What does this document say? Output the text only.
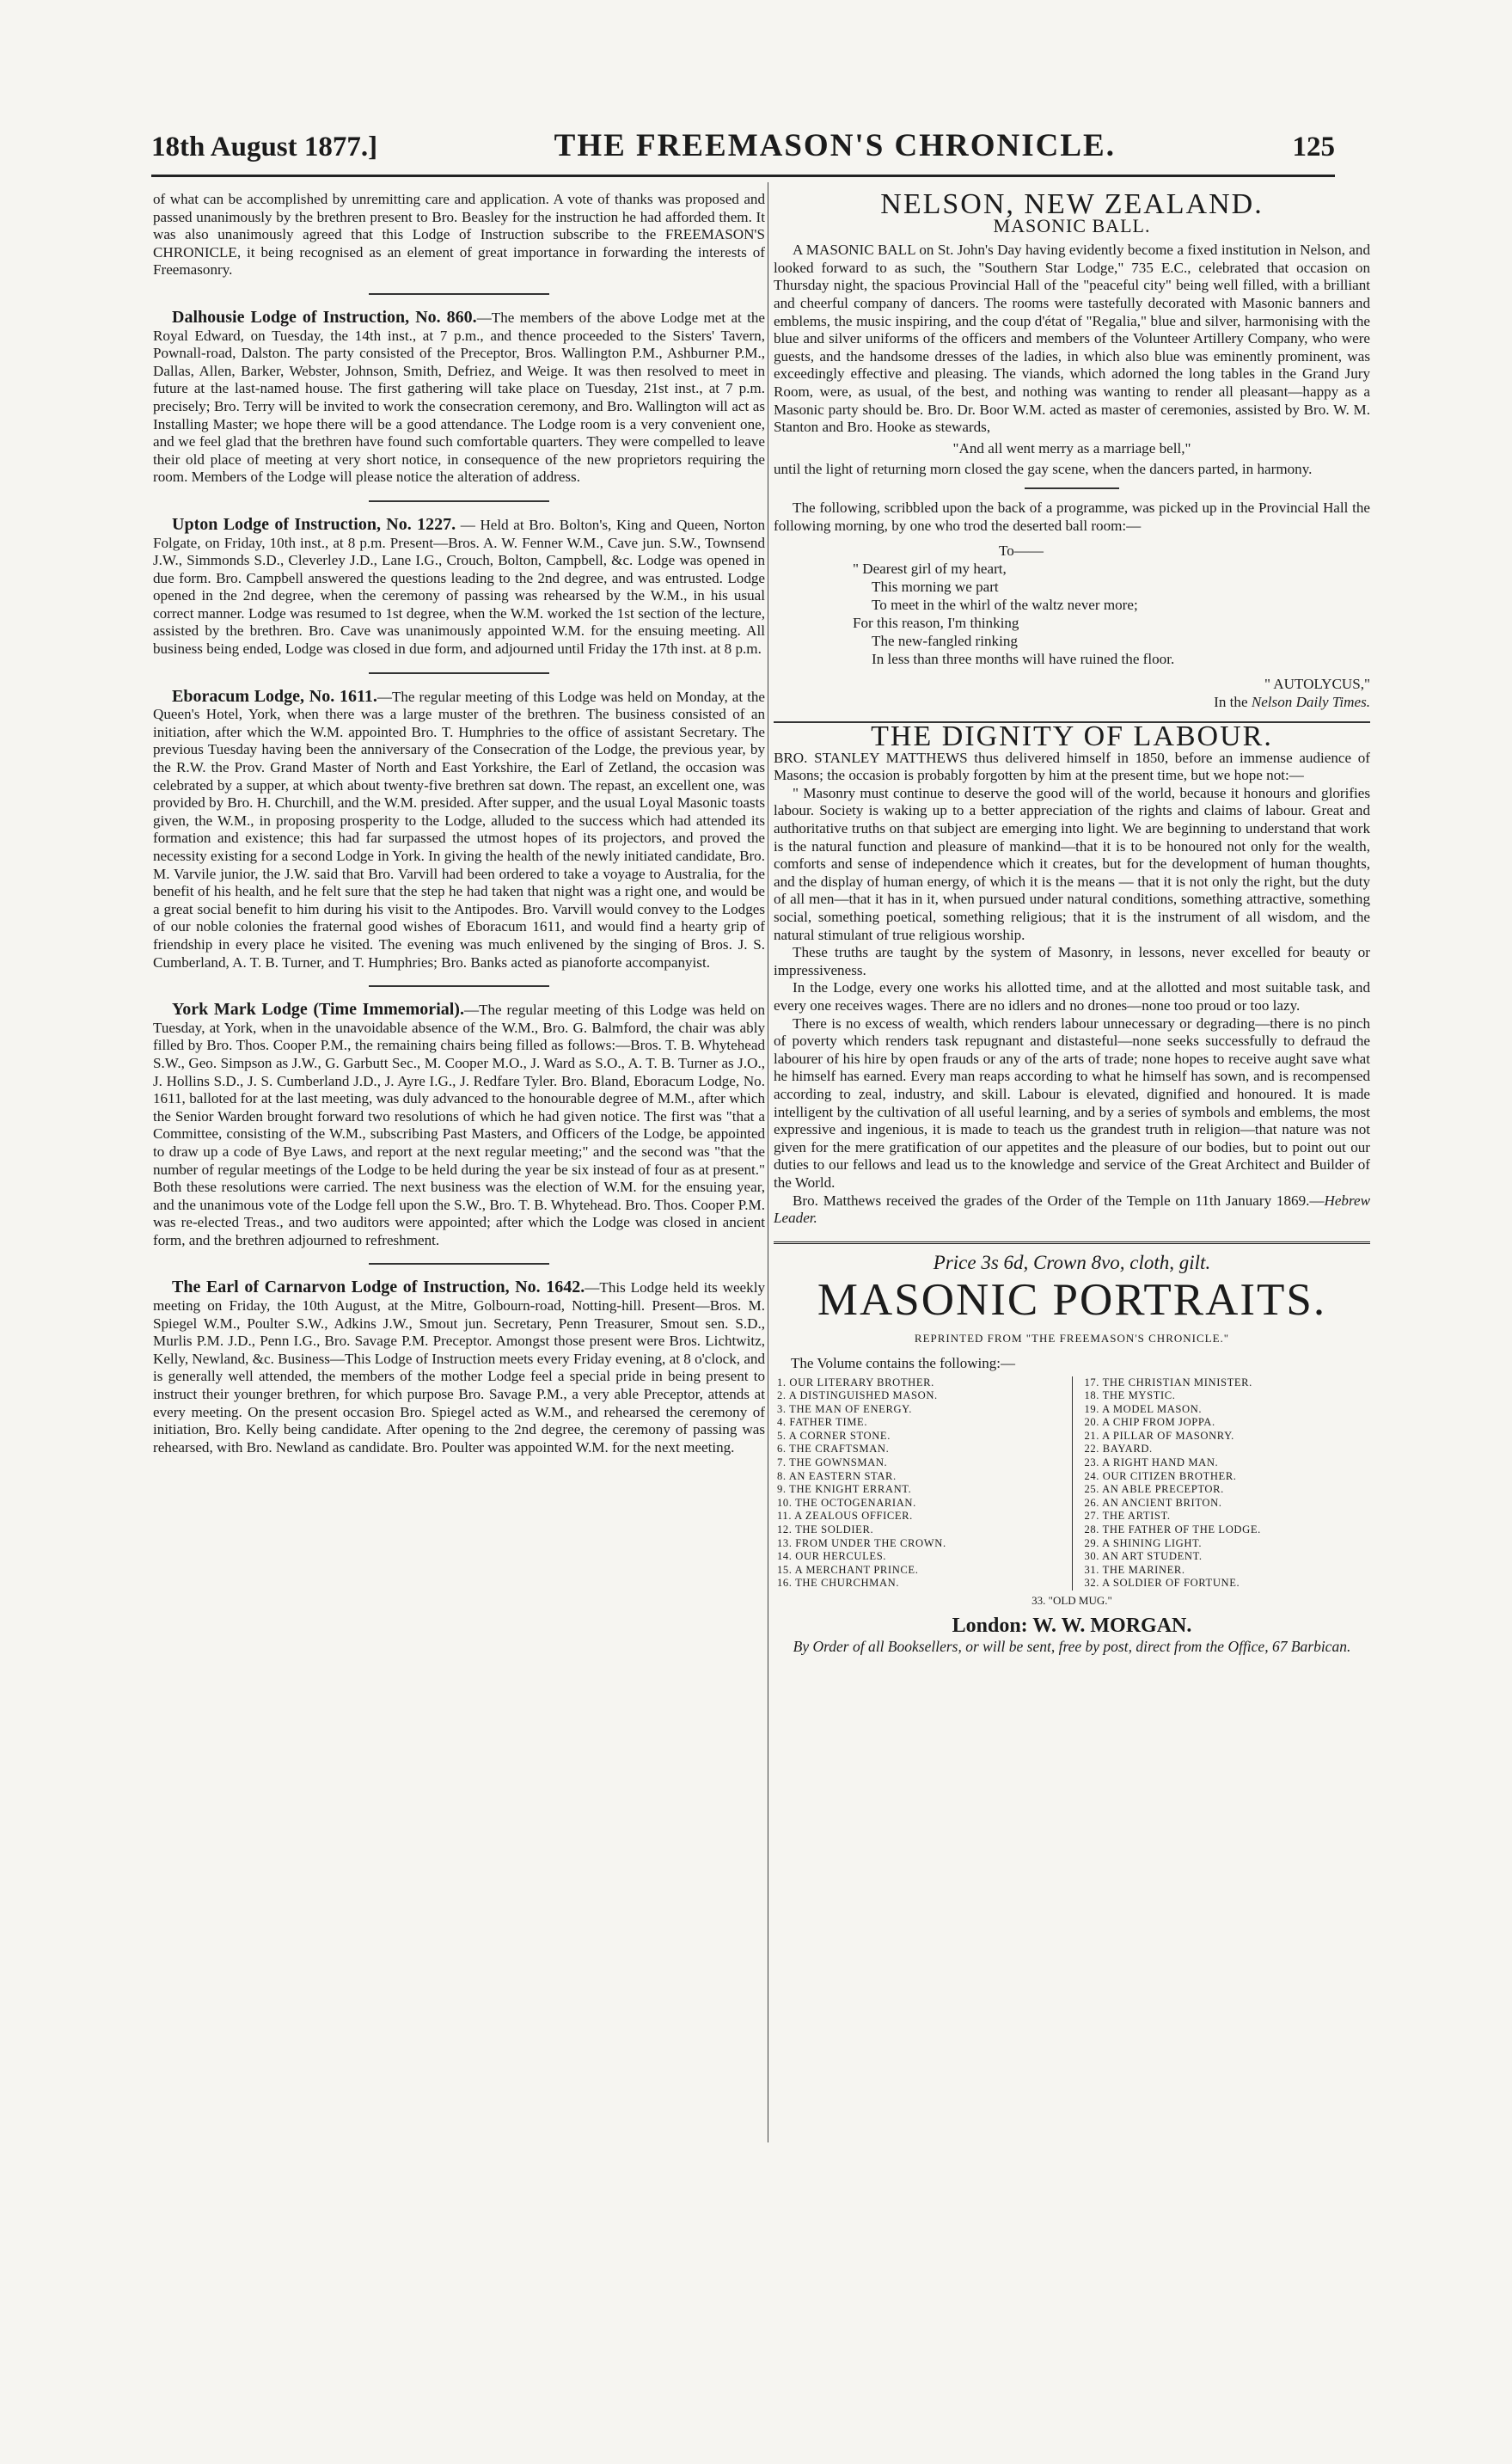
18th August 1877.]	THE FREEMASON'S CHRONICLE.	125

of what can be accomplished by unremitting care and application. A vote of thanks was proposed and passed unanimously by the brethren present to Bro. Beasley for the instruction he had afforded them. It was also unanimously agreed that this Lodge of Instruction subscribe to the FREEMASON'S CHRONICLE, it being recognised as an element of great importance in forwarding the interests of Freemasonry.

Dalhousie Lodge of Instruction, No. 860.—The members of the above Lodge met at the Royal Edward, on Tuesday, the 14th inst., at 7 p.m., and thence proceeded to the Sisters' Tavern, Pownall-road, Dalston. The party consisted of the Preceptor, Bros. Wallington P.M., Ashburner P.M., Dallas, Allen, Barker, Webster, Johnson, Smith, Defriez, and Weige. It was then resolved to meet in future at the last-named house. The first gathering will take place on Tuesday, 21st inst., at 7 p.m. precisely; Bro. Terry will be invited to work the consecration ceremony, and Bro. Wallington will act as Installing Master; we hope there will be a good attendance. The Lodge room is a very convenient one, and we feel glad that the brethren have found such comfortable quarters. They were compelled to leave their old place of meeting at very short notice, in consequence of the new proprietors requiring the room. Members of the Lodge will please notice the alteration of address.

Upton Lodge of Instruction, No. 1227. — Held at Bro. Bolton's, King and Queen, Norton Folgate, on Friday, 10th inst., at 8 p.m. Present—Bros. A. W. Fenner W.M., Cave jun. S.W., Townsend J.W., Simmonds S.D., Cleverley J.D., Lane I.G., Crouch, Bolton, Campbell, &c. Lodge was opened in due form. Bro. Campbell answered the questions leading to the 2nd degree, and was entrusted. Lodge opened in the 2nd degree, when the ceremony of passing was rehearsed by the W.M., in his usual correct manner. Lodge was resumed to 1st degree, when the W.M. worked the 1st section of the lecture, assisted by the brethren. Bro. Cave was unanimously appointed W.M. for the ensuing meeting. All business being ended, Lodge was closed in due form, and adjourned until Friday the 17th inst. at 8 p.m.

Eboracum Lodge, No. 1611.—The regular meeting of this Lodge was held on Monday, at the Queen's Hotel, York, when there was a large muster of the brethren. The business consisted of an initiation, after which the W.M. appointed Bro. T. Humphries to the office of assistant Secretary. The previous Tuesday having been the anniversary of the Consecration of the Lodge, the previous year, by the R.W. the Prov. Grand Master of North and East Yorkshire, the Earl of Zetland, the occasion was celebrated by a supper, at which about twenty-five brethren sat down. The repast, an excellent one, was provided by Bro. H. Churchill, and the W.M. presided. After supper, and the usual Loyal Masonic toasts given, the W.M., in proposing prosperity to the Lodge, alluded to the success which had attended its formation and existence; this had far surpassed the utmost hopes of its projectors, and proved the necessity existing for a second Lodge in York. In giving the health of the newly initiated candidate, Bro. M. Varvile junior, the J.W. said that Bro. Varvill had been ordered to take a voyage to Australia, for the benefit of his health, and he felt sure that the step he had taken that night was a right one, and would be a great social benefit to him during his visit to the Antipodes. Bro. Varvill would convey to the Lodges of our noble colonies the fraternal good wishes of Eboracum 1611, and would find a hearty grip of friendship in every place he visited. The evening was much enlivened by the singing of Bros. J. S. Cumberland, A. T. B. Turner, and T. Humphries; Bro. Banks acted as pianoforte accompanyist.

York Mark Lodge (Time Immemorial).—The regular meeting of this Lodge was held on Tuesday, at York, when in the unavoidable absence of the W.M., Bro. G. Balmford, the chair was ably filled by Bro. Thos. Cooper P.M., the remaining chairs being filled as follows:—Bros. T. B. Whytehead S.W., Geo. Simpson as J.W., G. Garbutt Sec., M. Cooper M.O., J. Ward as S.O., A. T. B. Turner as J.O., J. Hollins S.D., J. S. Cumberland J.D., J. Ayre I.G., J. Redfare Tyler. Bro. Bland, Eboracum Lodge, No. 1611, balloted for at the last meeting, was duly advanced to the honourable degree of M.M., after which the Senior Warden brought forward two resolutions of which he had given notice. The first was "that a Committee, consisting of the W.M., subscribing Past Masters, and Officers of the Lodge, be appointed to draw up a code of Bye Laws, and report at the next regular meeting;" and the second was "that the number of regular meetings of the Lodge to be held during the year be six instead of four as at present." Both these resolutions were carried. The next business was the election of W.M. for the ensuing year, and the unanimous vote of the Lodge fell upon the S.W., Bro. T. B. Whytehead. Bro. Thos. Cooper P.M. was re-elected Treas., and two auditors were appointed; after which the Lodge was closed in ancient form, and the brethren adjourned to refreshment.

The Earl of Carnarvon Lodge of Instruction, No. 1642.—This Lodge held its weekly meeting on Friday, the 10th August, at the Mitre, Golbourn-road, Notting-hill. Present—Bros. M. Spiegel W.M., Poulter S.W., Adkins J.W., Smout jun. Secretary, Penn Treasurer, Smout sen. S.D., Murlis P.M. J.D., Penn I.G., Bro. Savage P.M. Preceptor. Amongst those present were Bros. Lichtwitz, Kelly, Newland, &c. Business—This Lodge of Instruction meets every Friday evening, at 8 o'clock, and is generally well attended, the members of the mother Lodge feel a special pride in being present to instruct their younger brethren, for which purpose Bro. Savage P.M., a very able Preceptor, attends at every meeting. On the present occasion Bro. Spiegel acted as W.M., and rehearsed the ceremony of initiation, Bro. Kelly being candidate. After opening to the 2nd degree, the ceremony of passing was rehearsed, with Bro. Newland as candidate. Bro. Poulter was appointed W.M. for the next meeting.

NELSON, NEW ZEALAND.
MASONIC BALL.

A MASONIC BALL on St. John's Day having evidently become a fixed institution in Nelson, and looked forward to as such, the "Southern Star Lodge," 735 E.C., celebrated that occasion on Thursday night, the spacious Provincial Hall of the "peaceful city" being well filled, with a brilliant and cheerful company of dancers. The rooms were tastefully decorated with Masonic banners and emblems, the music inspiring, and the coup d'état of "Regalia," blue and silver, harmonising with the blue and silver uniforms of the officers and members of the Volunteer Artillery Company, who were guests, and the handsome dresses of the ladies, in which also blue was eminently prominent, was exceedingly effective and pleasing. The viands, which adorned the long tables in the Grand Jury Room, were, as usual, of the best, and nothing was wanting to render all pleasant—happy as a Masonic party should be. Bro. Dr. Boor W.M. acted as master of ceremonies, assisted by Bro. W. M. Stanton and Bro. Hooke as stewards,

"And all went merry as a marriage bell,"

until the light of returning morn closed the gay scene, when the dancers parted, in harmony.

The following, scribbled upon the back of a programme, was picked up in the Provincial Hall the following morning, by one who trod the deserted ball room:—

To——
" Dearest girl of my heart,
This morning we part
To meet in the whirl of the waltz never more;
For this reason, I'm thinking
The new-fangled rinking
In less than three months will have ruined the floor.
" AUTOLYCUS,"
In the Nelson Daily Times.
THE DIGNITY OF LABOUR.

BRO. STANLEY MATTHEWS thus delivered himself in 1850, before an immense audience of Masons; the occasion is probably forgotten by him at the present time, but we hope not:—

" Masonry must continue to deserve the good will of the world, because it honours and glorifies labour. Society is waking up to a better appreciation of the rights and claims of labour. Great and authoritative truths on that subject are emerging into light. We are beginning to understand that work is the natural function and pleasure of mankind—that it is to be honoured not only for the wealth, comforts and sense of independence which it creates, but for the development of human thoughts, and the display of human energy, of which it is the means — that it is not only the right, but the duty of all men—that it has in it, when pursued under natural conditions, something attractive, something social, something poetical, something religious; that it is the instrument of all wisdom, and the natural stimulant of true religious worship.

These truths are taught by the system of Masonry, in lessons, never excelled for beauty or impressiveness.

In the Lodge, every one works his allotted time, and at the allotted and most suitable task, and every one receives wages. There are no idlers and no drones—none too proud or too lazy.

There is no excess of wealth, which renders labour unnecessary or degrading—there is no pinch of poverty which renders task repugnant and distasteful—none seeks successfully to defraud the labourer of his hire by open frauds or any of the arts of trade; none hopes to receive aught save what he himself has earned. Every man reaps according to what he himself has sown, and is recompensed according to zeal, industry, and skill. Labour is elevated, dignified and honoured. It is made intelligent by the cultivation of all useful learning, and by a series of symbols and emblems, the most expressive and ingenious, it is made to teach us the grandest truth in religion—that nature was not given for the mere gratification of our appetites and the pleasure of our bodies, but to point out our duties to our fellows and lead us to the knowledge and service of the Great Architect and Builder of the World.

Bro. Matthews received the grades of the Order of the Temple on 11th January 1869.—Hebrew Leader.

Price 3s 6d, Crown 8vo, cloth, gilt.
MASONIC PORTRAITS.
REPRINTED FROM "THE FREEMASON'S CHRONICLE."
The Volume contains the following:—
1. OUR LITERARY BROTHER.
2. A DISTINGUISHED MASON.
3. THE MAN OF ENERGY.
4. FATHER TIME.
5. A CORNER STONE.
6. THE CRAFTSMAN.
7. THE GOWNSMAN.
8. AN EASTERN STAR.
9. THE KNIGHT ERRANT.
10. THE OCTOGENARIAN.
11. A ZEALOUS OFFICER.
12. THE SOLDIER.
13. FROM UNDER THE CROWN.
14. OUR HERCULES.
15. A MERCHANT PRINCE.
16. THE CHURCHMAN.
17. THE CHRISTIAN MINISTER.
18. THE MYSTIC.
19. A MODEL MASON.
20. A CHIP FROM JOPPA.
21. A PILLAR OF MASONRY.
22. BAYARD.
23. A RIGHT HAND MAN.
24. OUR CITIZEN BROTHER.
25. AN ABLE PRECEPTOR.
26. AN ANCIENT BRITON.
27. THE ARTIST.
28. THE FATHER OF THE LODGE.
29. A SHINING LIGHT.
30. AN ART STUDENT.
31. THE MARINER.
32. A SOLDIER OF FORTUNE.
33. "OLD MUG."
London: W. W. MORGAN.
By Order of all Booksellers, or will be sent, free by post, direct from the Office, 67 Barbican.
